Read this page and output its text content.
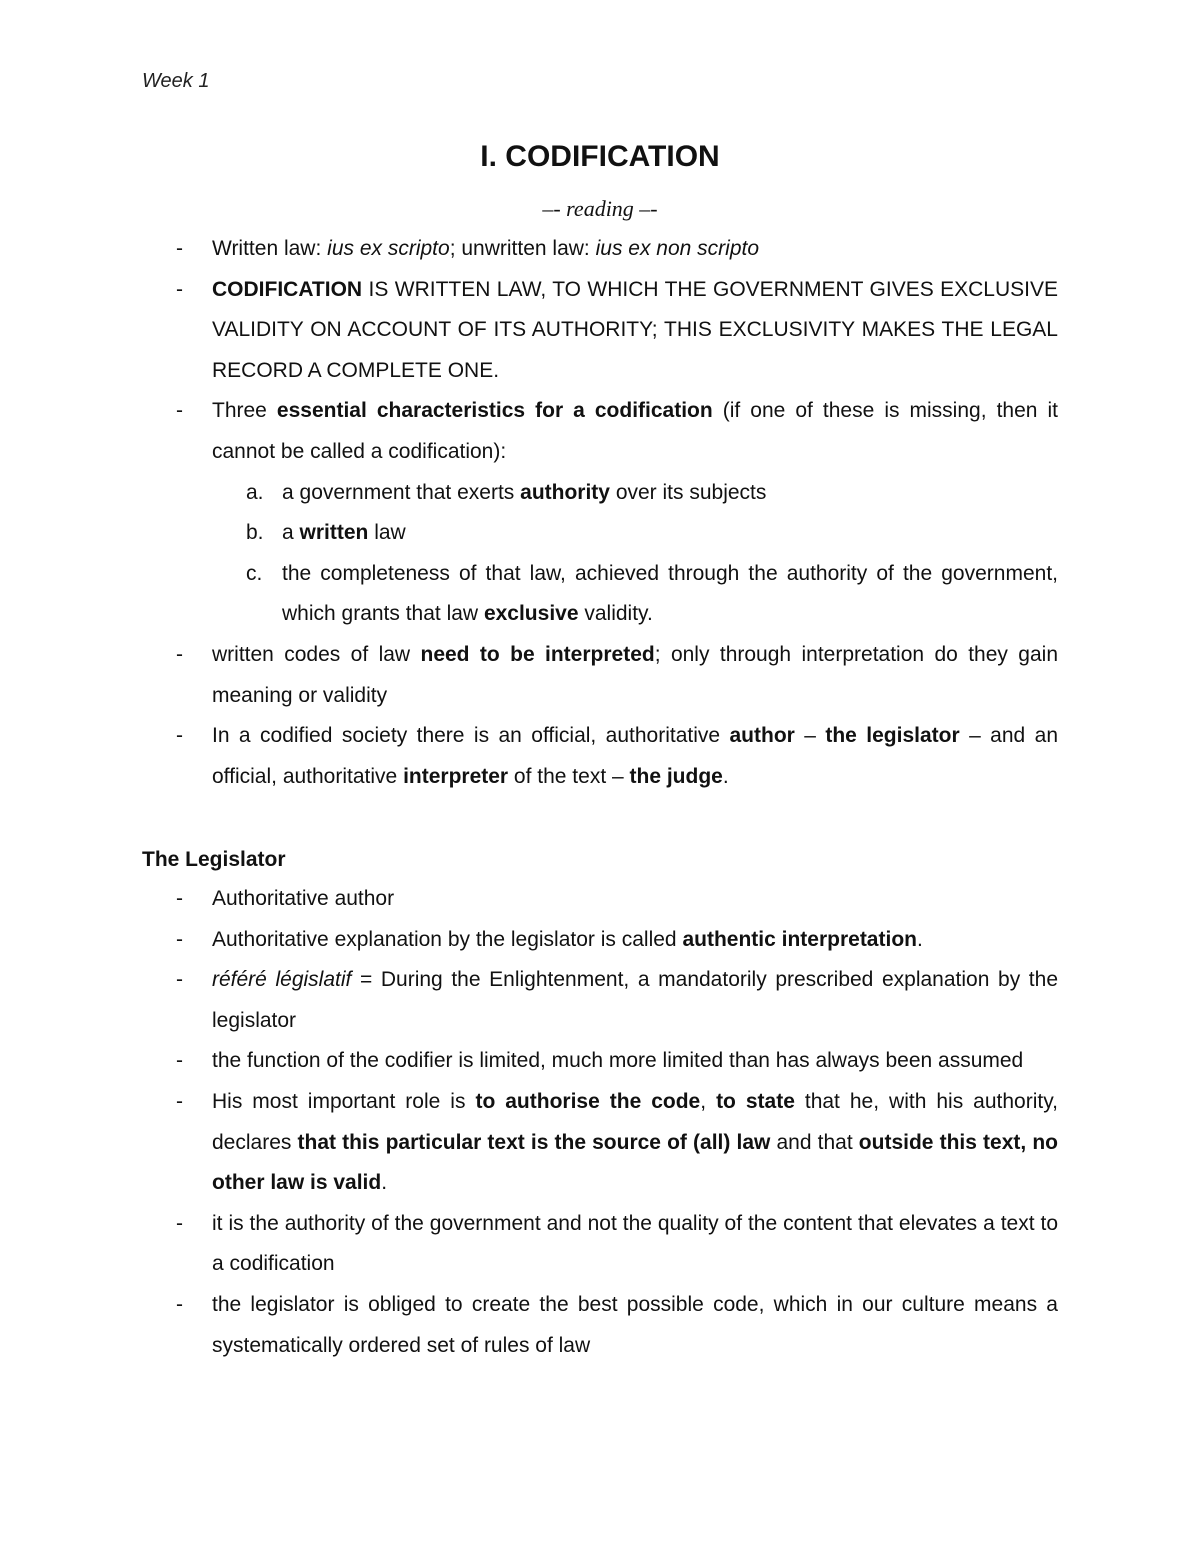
Week 1
I. CODIFICATION
–- reading –-
- Written law: ius ex scripto; unwritten law: ius ex non scripto
- CODIFICATION IS WRITTEN LAW, TO WHICH THE GOVERNMENT GIVES EXCLUSIVE VALIDITY ON ACCOUNT OF ITS AUTHORITY; THIS EXCLUSIVITY MAKES THE LEGAL RECORD A COMPLETE ONE.
- Three essential characteristics for a codification (if one of these is missing, then it cannot be called a codification):
a. a government that exerts authority over its subjects
b. a written law
c. the completeness of that law, achieved through the authority of the government, which grants that law exclusive validity.
- written codes of law need to be interpreted; only through interpretation do they gain meaning or validity
- In a codified society there is an official, authoritative author – the legislator – and an official, authoritative interpreter of the text – the judge.
The Legislator
- Authoritative author
- Authoritative explanation by the legislator is called authentic interpretation.
- référé législatif = During the Enlightenment, a mandatorily prescribed explanation by the legislator
- the function of the codifier is limited, much more limited than has always been assumed
- His most important role is to authorise the code, to state that he, with his authority, declares that this particular text is the source of (all) law and that outside this text, no other law is valid.
- it is the authority of the government and not the quality of the content that elevates a text to a codification
- the legislator is obliged to create the best possible code, which in our culture means a systematically ordered set of rules of law
